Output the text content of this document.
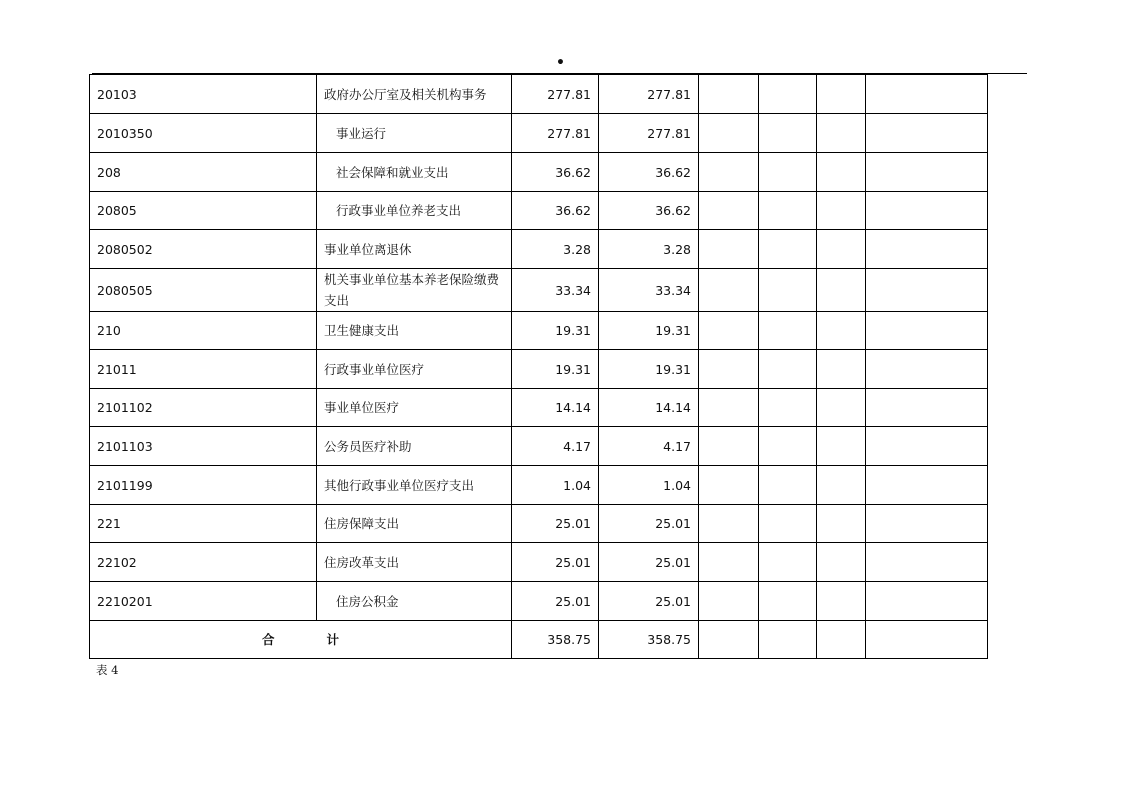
•
20103	政府办公厅室及相关机构事务	277.81	277.81				
2010350	事业运行	277.81	277.81				
208	社会保障和就业支出	36.62	36.62				
20805	行政事业单位养老支出	36.62	36.62				
2080502	事业单位离退休	3.28	3.28				
2080505	机关事业单位基本养老保险缴费支出	33.34	33.34				
210	卫生健康支出	19.31	19.31				
21011	行政事业单位医疗	19.31	19.31				
2101102	事业单位医疗	14.14	14.14				
2101103	公务员医疗补助	4.17	4.17				
2101199	其他行政事业单位医疗支出	1.04	1.04				
221	住房保障支出	25.01	25.01				
22102	住房改革支出	25.01	25.01				
2210201	住房公积金	25.01	25.01				
合 计		358.75	358.75				
表 4
